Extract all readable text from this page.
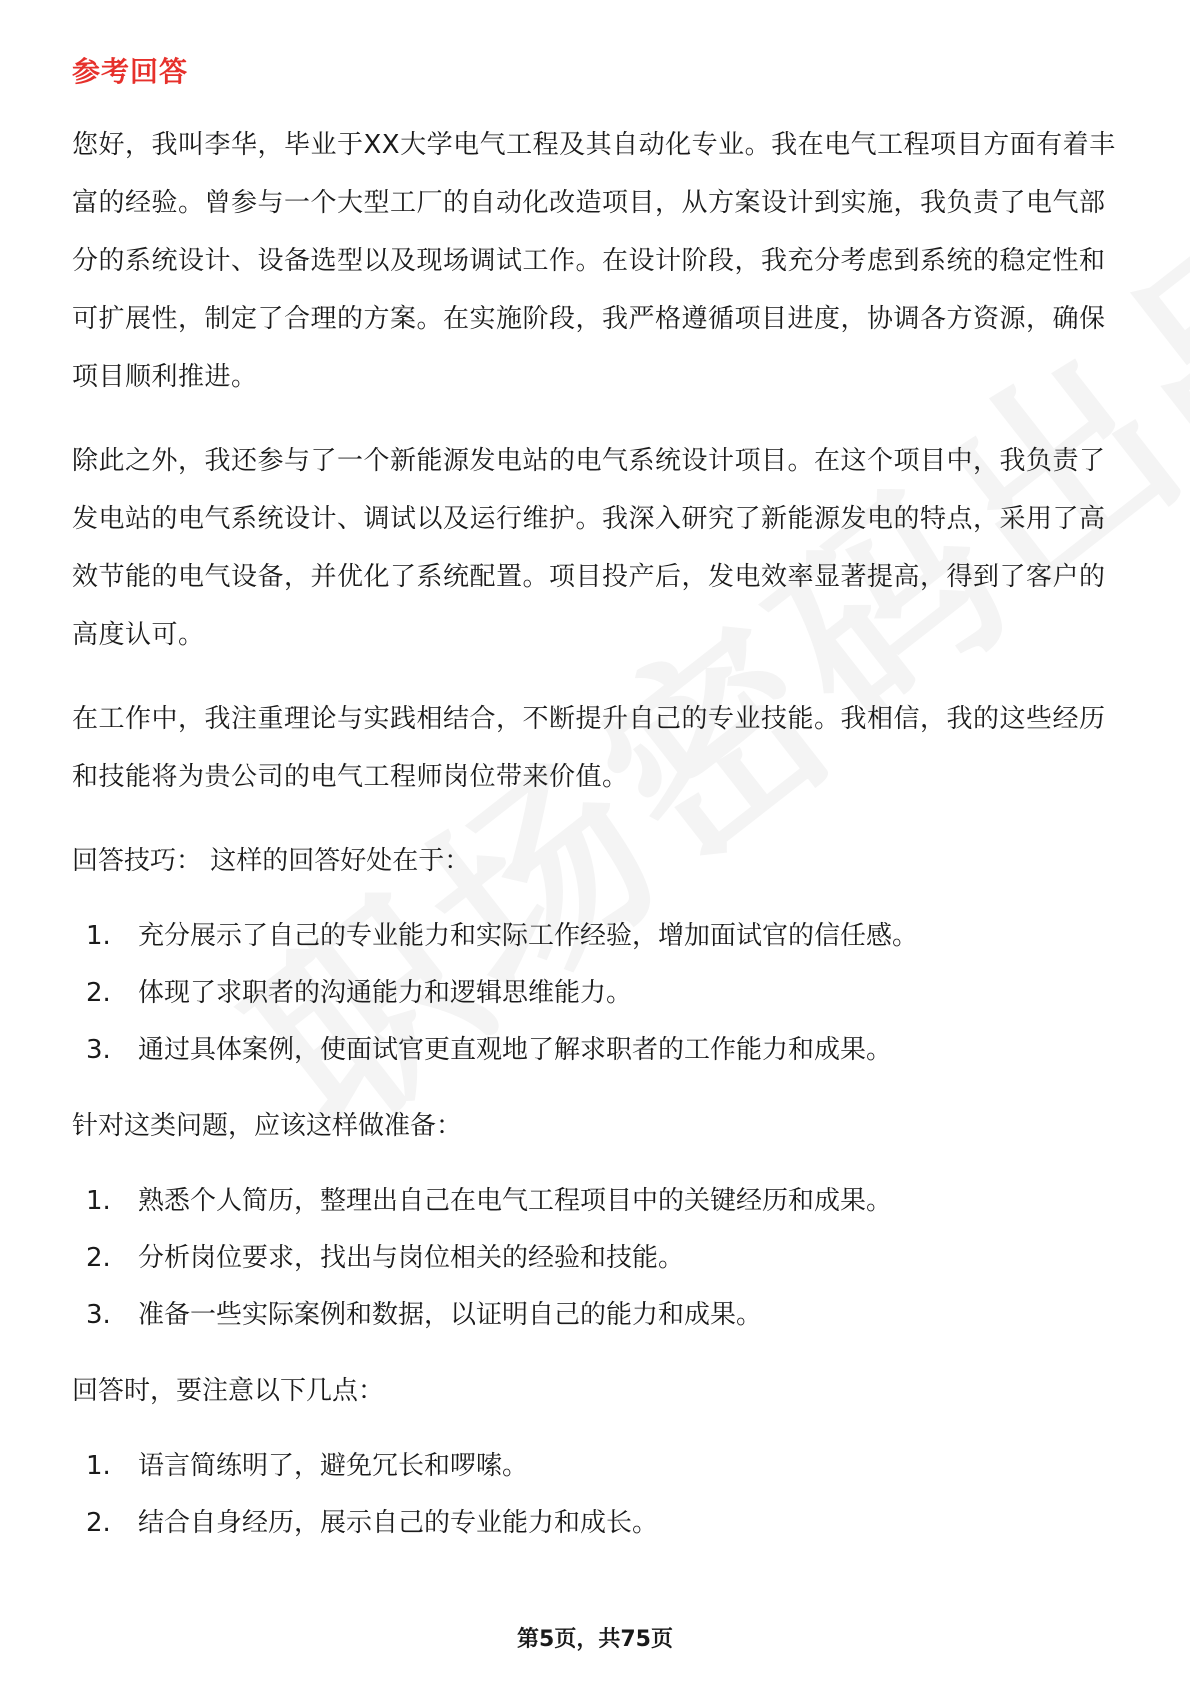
参考回答

您好，我叫李华，毕业于XX大学电气工程及其自动化专业。我在电气工程项目方面有着丰富的经验。曾参与一个大型工厂的自动化改造项目，从方案设计到实施，我负责了电气部分的系统设计、设备选型以及现场调试工作。在设计阶段，我充分考虑到系统的稳定性和可扩展性，制定了合理的方案。在实施阶段，我严格遵循项目进度，协调各方资源，确保项目顺利推进。

除此之外，我还参与了一个新能源发电站的电气系统设计项目。在这个项目中，我负责了发电站的电气系统设计、调试以及运行维护。我深入研究了新能源发电的特点，采用了高效节能的电气设备，并优化了系统配置。项目投产后，发电效率显著提高，得到了客户的高度认可。

在工作中，我注重理论与实践相结合，不断提升自己的专业技能。我相信，我的这些经历和技能将为贵公司的电气工程师岗位带来价值。

回答技巧： 这样的回答好处在于：

1.	充分展示了自己的专业能力和实际工作经验，增加面试官的信任感。
2.	体现了求职者的沟通能力和逻辑思维能力。
3.	通过具体案例，使面试官更直观地了解求职者的工作能力和成果。

针对这类问题，应该这样做准备：

1.	熟悉个人简历，整理出自己在电气工程项目中的关键经历和成果。
2.	分析岗位要求，找出与岗位相关的经验和技能。
3.	准备一些实际案例和数据，以证明自己的能力和成果。

回答时，要注意以下几点：

1.	语言简练明了，避免冗长和啰嗦。
2.	结合自身经历，展示自己的专业能力和成长。
第5页，共75页
